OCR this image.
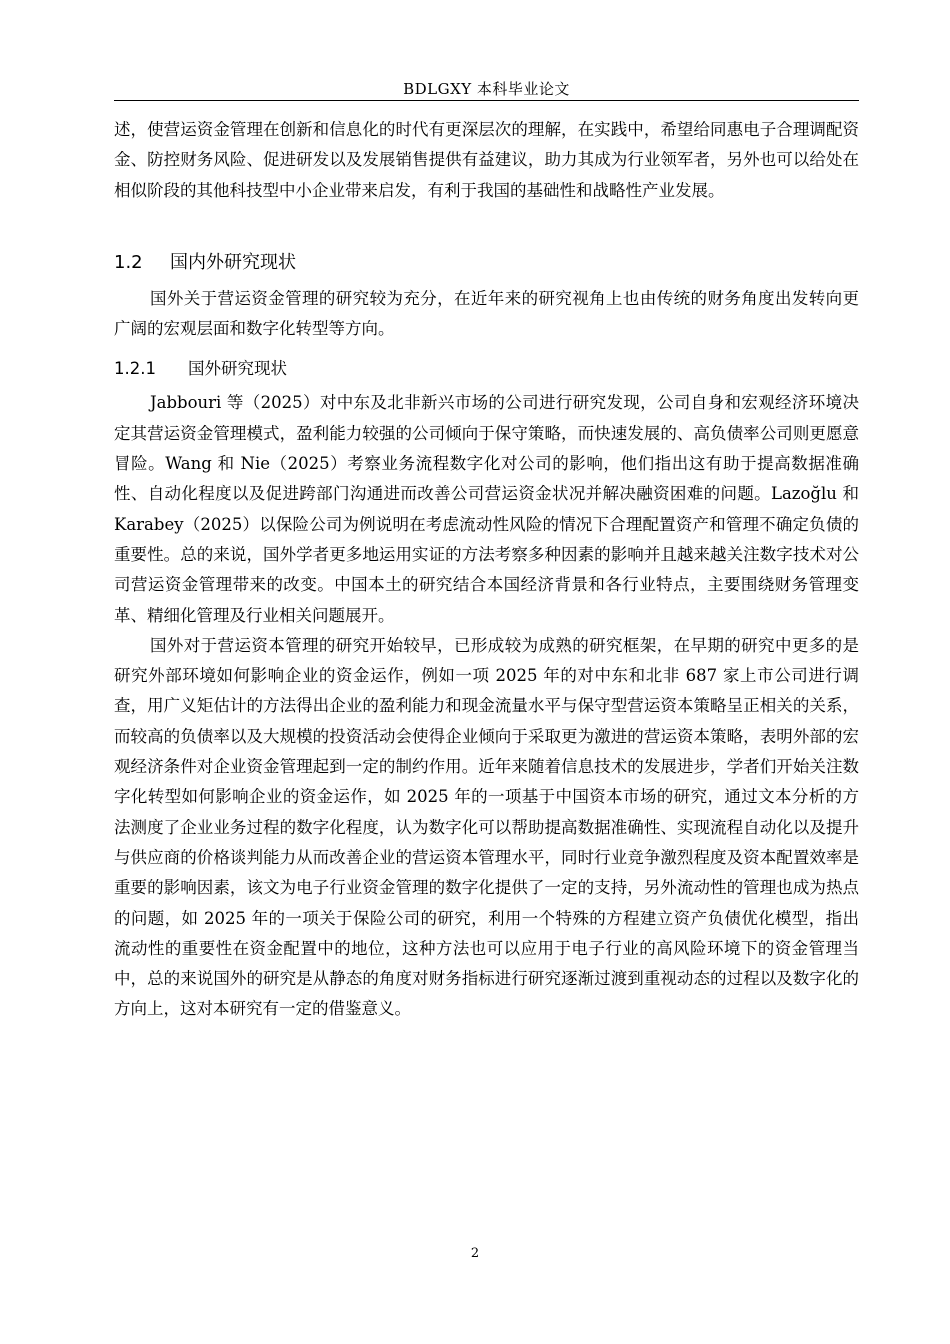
BDLGXY 本科毕业论文

述，使营运资金管理在创新和信息化的时代有更深层次的理解，在实践中，希望给同惠电子合理调配资金、防控财务风险、促进研发以及发展销售提供有益建议，助力其成为行业领军者，另外也可以给处在相似阶段的其他科技型中小企业带来启发，有利于我国的基础性和战略性产业发展。

1.2 国内外研究现状

国外关于营运资金管理的研究较为充分，在近年来的研究视角上也由传统的财务角度出发转向更广阔的宏观层面和数字化转型等方向。

1.2.1 国外研究现状

Jabbouri 等（2025）对中东及北非新兴市场的公司进行研究发现，公司自身和宏观经济环境决定其营运资金管理模式，盈利能力较强的公司倾向于保守策略，而快速发展的、高负债率公司则更愿意冒险。Wang 和 Nie（2025）考察业务流程数字化对公司的影响，他们指出这有助于提高数据准确性、自动化程度以及促进跨部门沟通进而改善公司营运资金状况并解决融资困难的问题。Lazoğlu 和 Karabey（2025）以保险公司为例说明在考虑流动性风险的情况下合理配置资产和管理不确定负债的重要性。总的来说，国外学者更多地运用实证的方法考察多种因素的影响并且越来越关注数字技术对公司营运资金管理带来的改变。中国本土的研究结合本国经济背景和各行业特点，主要围绕财务管理变革、精细化管理及行业相关问题展开。

国外对于营运资本管理的研究开始较早，已形成较为成熟的研究框架，在早期的研究中更多的是研究外部环境如何影响企业的资金运作，例如一项 2025 年的对中东和北非 687 家上市公司进行调查，用广义矩估计的方法得出企业的盈利能力和现金流量水平与保守型营运资本策略呈正相关的关系，而较高的负债率以及大规模的投资活动会使得企业倾向于采取更为激进的营运资本策略，表明外部的宏观经济条件对企业资金管理起到一定的制约作用。近年来随着信息技术的发展进步，学者们开始关注数字化转型如何影响企业的资金运作，如 2025 年的一项基于中国资本市场的研究，通过文本分析的方法测度了企业业务过程的数字化程度，认为数字化可以帮助提高数据准确性、实现流程自动化以及提升与供应商的价格谈判能力从而改善企业的营运资本管理水平，同时行业竞争激烈程度及资本配置效率是重要的影响因素，该文为电子行业资金管理的数字化提供了一定的支持，另外流动性的管理也成为热点的问题，如 2025 年的一项关于保险公司的研究，利用一个特殊的方程建立资产负债优化模型，指出流动性的重要性在资金配置中的地位，这种方法也可以应用于电子行业的高风险环境下的资金管理当中，总的来说国外的研究是从静态的角度对财务指标进行研究逐渐过渡到重视动态的过程以及数字化的方向上，这对本研究有一定的借鉴意义。

2
